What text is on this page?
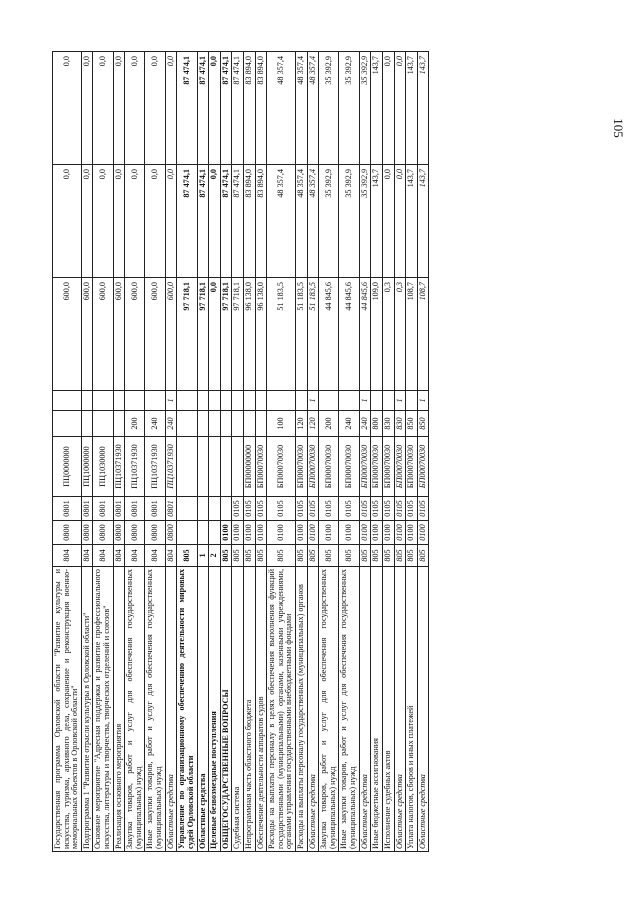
105
Государственная программа Орловской области "Развитие культуры и искусства, туризма, архивного дела, сохранение и реконструкция военно-мемориальных объектов в Орловской области"	804	0800	0801	ПЦ0000000			600,0	0,0	0,0
Подпрограмма 1 "Развитие отрасли культуры в Орловской области"	804	0800	0801	ПЦ1000000			600,0	0,0	0,0
Основное мероприятие "Адресная поддержка и развитие профессионального искусства, литературы и творчества, творческих отделений и союзов"	804	0800	0801	ПЦ1030000			600,0	0,0	0,0
Реализация основного мероприятия	804	0800	0801	ПЦ10371930			600,0	0,0	0,0
Закупка товаров, работ и услуг для обеспечения государственных (муниципальных) нужд	804	0800	0801	ПЦ10371930	200		600,0	0,0	0,0
Иные закупки товаров, работ и услуг для обеспечения государственных (муниципальных) нужд	804	0800	0801	ПЦ10371930	240		600,0	0,0	0,0
Областные средства	804	0800	0801	ПЦ10371930	240	1	600,0	0,0	0,0
Управление по организационному обеспечению деятельности мировых судей Орловской области	805						97 718,1	87 474,1	87 474,1
Областные средства	1						97 718,1	87 474,1	87 474,1
Целевые безвозмездные поступления	2						0,0	0,0	0,0
ОБЩЕГОСУДАРСТВЕННЫЕ ВОПРОСЫ	805	0100					97 718,1	87 474,1	87 474,1
Судебная система	805	0100	0105				97 718,1	87 474,1	87 474,1
Непрограммная часть областного бюджета	805	0100	0105	БП00000000			96 138,0	83 894,0	83 894,0
Обеспечение деятельности аппаратов судов	805	0100	0105	БП00070030			96 138,0	83 894,0	83 894,0
Расходы на выплаты персоналу в целях обеспечения выполнения функций государственными (муниципальными) органами, казенными учреждениями, органами управления государственными внебюджетными фондами	805	0100	0105	БП00070030	100		51 183,5	48 357,4	48 357,4
Расходы на выплаты персоналу государственных (муниципальных) органов	805	0100	0105	БП00070030	120		51 183,5	48 357,4	48 357,4
Областные средства	805	0100	0105	БП00070030	120	1	51 183,5	48 357,4	48 357,4
Закупка товаров, работ и услуг для обеспечения государственных (муниципальных) нужд	805	0100	0105	БП00070030	200		44 845,6	35 392,9	35 392,9
Иные закупки товаров, работ и услуг для обеспечения государственных (муниципальных) нужд	805	0100	0105	БП00070030	240		44 845,6	35 392,9	35 392,9
Областные средства	805	0100	0105	БП00070030	240	1	44 845,6	35 392,9	35 392,9
Иные бюджетные ассигнования	805	0100	0105	БП00070030	800		109,0	143,7	143,7
Исполнение судебных актов	805	0100	0105	БП00070030	830		0,3	0,0	0,0
Областные средства	805	0100	0105	БП00070030	830	1	0,3	0,0	0,0
Уплата налогов, сборов и иных платежей	805	0100	0105	БП00070030	850		108,7	143,7	143,7
Областные средства	805	0100	0105	БП00070030	850	1	108,7	143,7	143,7
